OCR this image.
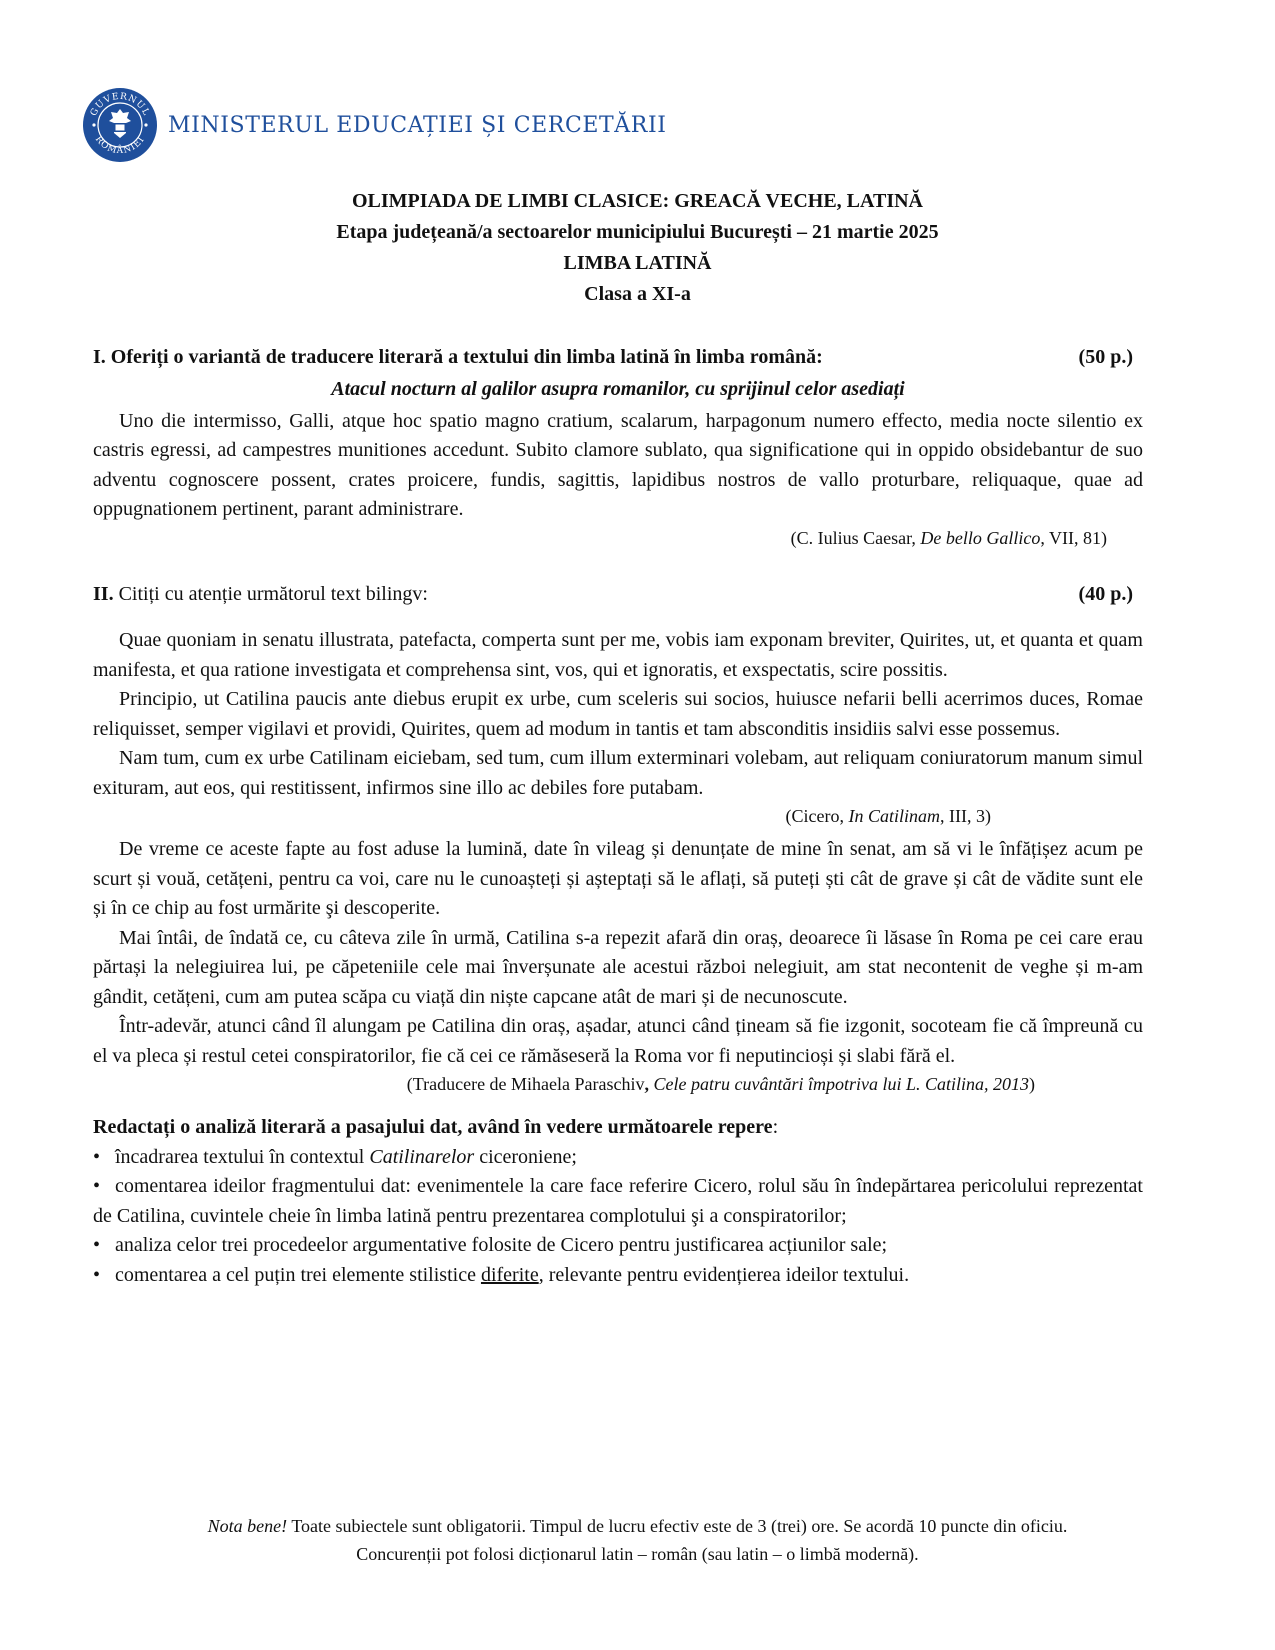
GUVERNUL
ROMÂNIEI
MINISTERUL EDUCAȚIEI ȘI CERCETĂRII
OLIMPIADA DE LIMBI CLASICE: GREACĂ VECHE, LATINĂ
Etapa județeană/a sectoarelor municipiului București – 21 martie 2025
LIMBA LATINĂ
Clasa a XI-a
I. Oferiți o variantă de traducere literară a textului din limba latină în limba română:	(50 p.)
Atacul nocturn al galilor asupra romanilor, cu sprijinul celor asediați

Uno die intermisso, Galli, atque hoc spatio magno cratium, scalarum, harpagonum numero effecto, media nocte silentio ex castris egressi, ad campestres munitiones accedunt. Subito clamore sublato, qua significatione qui in oppido obsidebantur de suo adventu cognoscere possent, crates proicere, fundis, sagittis, lapidibus nostros de vallo proturbare, reliquaque, quae ad oppugnationem pertinent, parant administrare.

(C. Iulius Caesar, De bello Gallico, VII, 81)
II. Citiți cu atenție următorul text bilingv:	(40 p.)

Quae quoniam in senatu illustrata, patefacta, comperta sunt per me, vobis iam exponam breviter, Quirites, ut, et quanta et quam manifesta, et qua ratione investigata et comprehensa sint, vos, qui et ignoratis, et exspectatis, scire possitis.

Principio, ut Catilina paucis ante diebus erupit ex urbe, cum sceleris sui socios, huiusce nefarii belli acerrimos duces, Romae reliquisset, semper vigilavi et providi, Quirites, quem ad modum in tantis et tam absconditis insidiis salvi esse possemus.

Nam tum, cum ex urbe Catilinam eiciebam, sed tum, cum illum exterminari volebam, aut reliquam coniuratorum manum simul exituram, aut eos, qui restitissent, infirmos sine illo ac debiles fore putabam.

(Cicero, In Catilinam, III, 3)

De vreme ce aceste fapte au fost aduse la lumină, date în vileag și denunțate de mine în senat, am să vi le înfățișez acum pe scurt și vouă, cetățeni, pentru ca voi, care nu le cunoașteți și așteptați să le aflați, să puteți ști cât de grave și cât de vădite sunt ele și în ce chip au fost urmărite şi descoperite.

Mai întâi, de îndată ce, cu câteva zile în urmă, Catilina s-a repezit afară din oraș, deoarece îi lăsase în Roma pe cei care erau părtași la nelegiuirea lui, pe căpeteniile cele mai înverșunate ale acestui război nelegiuit, am stat necontenit de veghe și m-am gândit, cetățeni, cum am putea scăpa cu viață din niște capcane atât de mari și de necunoscute.

Într-adevăr, atunci când îl alungam pe Catilina din oraș, așadar, atunci când țineam să fie izgonit, socoteam fie că împreună cu el va pleca și restul cetei conspiratorilor, fie că cei ce rămăseseră la Roma vor fi neputincioși și slabi fără el.

(Traducere de Mihaela Paraschiv, Cele patru cuvântări împotriva lui L. Catilina, 2013)
Redactați o analiză literară a pasajului dat, având în vedere următoarele repere:
• încadrarea textului în contextul Catilinarelor ciceroniene;
• comentarea ideilor fragmentului dat: evenimentele la care face referire Cicero, rolul său în îndepărtarea pericolului reprezentat de Catilina, cuvintele cheie în limba latină pentru prezentarea complotului şi a conspiratorilor;
• analiza celor trei procedeelor argumentative folosite de Cicero pentru justificarea acțiunilor sale;
• comentarea a cel puțin trei elemente stilistice diferite, relevante pentru evidențierea ideilor textului.
Nota bene! Toate subiectele sunt obligatorii. Timpul de lucru efectiv este de 3 (trei) ore. Se acordă 10 puncte din oficiu.
Concurenții pot folosi dicționarul latin – român (sau latin – o limbă modernă).
